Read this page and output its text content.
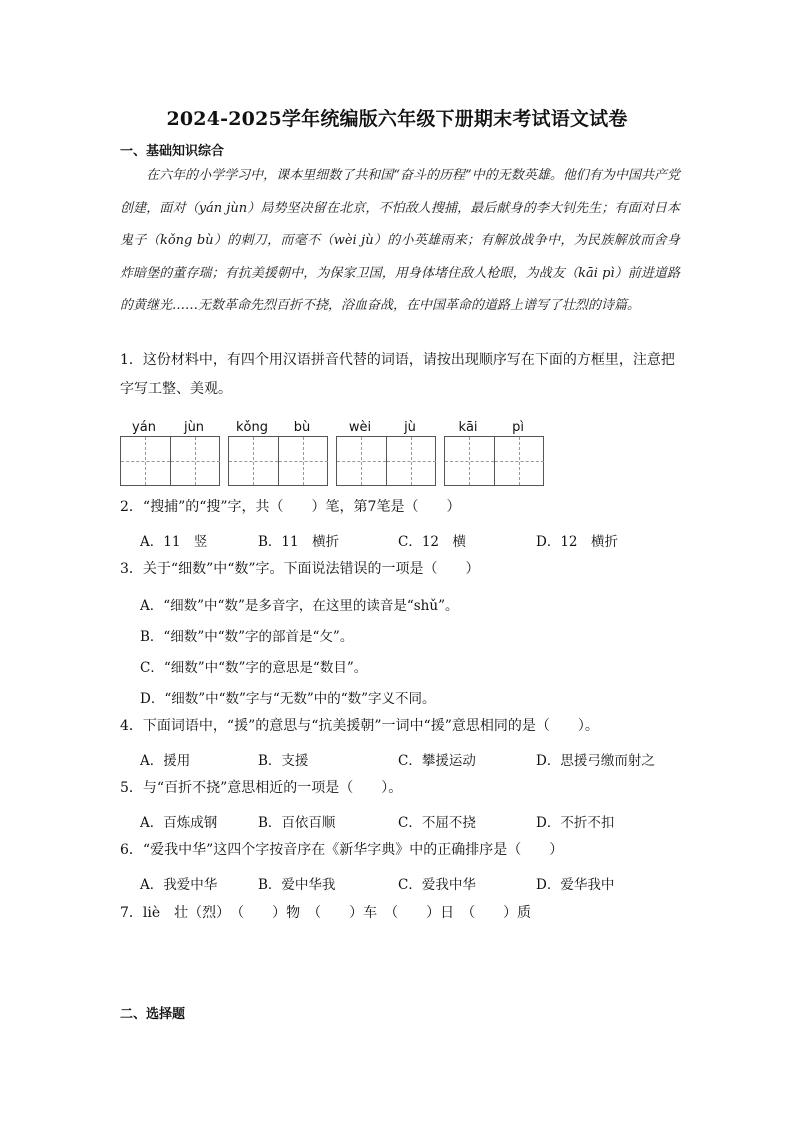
2024-2025学年统编版六年级下册期末考试语文试卷
一、基础知识综合

在六年的小学学习中，课本里细数了共和国“奋斗的历程”中的无数英雄。他们有为中国共产党创建，面对（yán jùn）局势坚决留在北京，不怕敌人搜捕，最后献身的李大钊先生；有面对日本鬼子（kǒng bù）的刺刀，而毫不（wèi jù）的小英雄雨来；有解放战争中，为民族解放而舍身炸暗堡的董存瑞；有抗美援朝中，为保家卫国，用身体堵住敌人枪眼，为战友（kāi pì）前进道路的黄继光……无数革命先烈百折不挠，浴血奋战，在中国革命的道路上谱写了壮烈的诗篇。

1．这份材料中，有四个用汉语拼音代替的词语，请按出现顺序写在下面的方框里，注意把字写工整、美观。
yán	jùn	kǒng	bù	wèi	jù	kāi	pì
2．“搜捕”的“搜”字，共（　　）笔，第7笔是（　　）
A．11　竖	B．11　横折	C．12　横	D．12　横折
3．关于“细数”中“数”字。下面说法错误的一项是（　　）
A．“细数”中“数”是多音字，在这里的读音是“shǔ”。
B．“细数”中“数”字的部首是“攵”。
C．“细数”中“数”字的意思是“数目”。
D．“细数”中“数”字与“无数”中的“数”字义不同。
4．下面词语中，“援”的意思与“抗美援朝”一词中“援”意思相同的是（　　）。
A．援用	B．支援	C．攀援运动	D．思援弓缴而射之
5．与“百折不挠”意思相近的一项是（　　）。
A．百炼成钢	B．百依百顺	C．不屈不挠	D．不折不扣
6．“爱我中华”这四个字按音序在《新华字典》中的正确排序是（　　）
A．我爱中华	B．爱中华我	C．爱我中华	D．爱华我中
7．liè　壮（烈）　（　　）物　（　　）车　（　　）日　（　　）质
二、选择题
